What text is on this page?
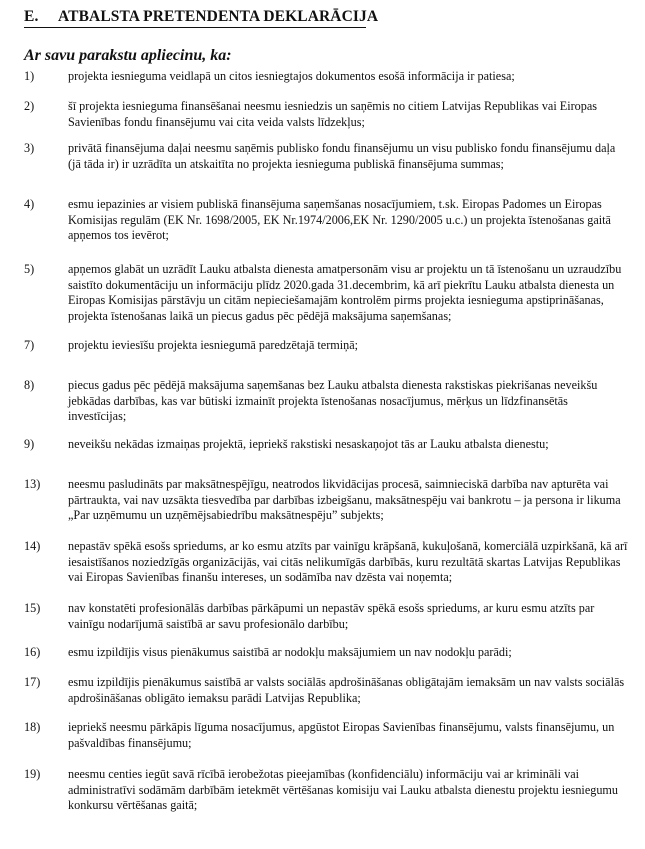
E. ATBALSTA PRETENDENTA DEKLARĀCIJA
Ar savu parakstu apliecinu, ka:
1)	projekta iesnieguma veidlapā un citos iesniegtajos dokumentos esošā informācija ir patiesa;
2)	šī projekta iesnieguma finansēšanai neesmu iesniedzis un saņēmis no citiem Latvijas Republikas vai Eiropas Savienības fondu finansējumu vai cita veida valsts līdzekļus;
3)	privātā finansējuma daļai neesmu saņēmis publisko fondu finansējumu un visu publisko fondu finansējumu daļa (jā tāda ir) ir uzrādīta un atskaitīta no projekta iesnieguma publiskā finansējuma summas;
4)	esmu iepazinies ar visiem publiskā finansējuma saņemšanas nosacījumiem, t.sk. Eiropas Padomes un Eiropas Komisijas regulām (EK Nr. 1698/2005, EK Nr.1974/2006,EK Nr. 1290/2005 u.c.) un projekta īstenošanas gaitā apņemos tos ievērot;
5)	apņemos glabāt un uzrādīt Lauku atbalsta dienesta amatpersonām visu ar projektu un tā īstenošanu un uzraudzību saistīto dokumentāciju un informāciju plīdz 2020.gada 31.decembrim, kā arī piekrītu Lauku atbalsta dienesta un Eiropas Komisijas pārstāvju un citām nepieciešamajām kontrolēm pirms projekta iesnieguma apstiprināšanas, projekta īstenošanas laikā un piecus gadus pēc pēdējā maksājuma saņemšanas;
7)	projektu ieviesīšu projekta iesniegumā paredzētajā termiņā;
8)	piecus gadus pēc pēdējā maksājuma saņemšanas bez Lauku atbalsta dienesta rakstiskas piekrišanas neveikšu jebkādas darbības, kas var būtiski izmainīt projekta īstenošanas nosacījumus, mērķus un līdzfinansētās investīcijas;
9)	neveikšu nekādas izmaiņas projektā, iepriekš rakstiski nesaskaņojot tās ar Lauku atbalsta dienestu;
13) neesmu pasludināts par maksātnespējīgu, neatrodos likvidācijas procesā, saimnieciskā darbība nav apturēta vai pārtraukta, vai nav uzsākta tiesvedība par darbības izbeigšanu, maksātnespēju vai bankrotu – ja persona ir likuma „Par uzņēmumu un uzņēmējsabiedrību maksātnespēju” subjekts;
14) nepastāv spēkā esošs spriedums, ar ko esmu atzīts par vainīgu krāpšanā, kukuļošanā, komerciālā uzpirkšanā, kā arī iesaistīšanos noziedzīgās organizācijās, vai citās nelikumīgās darbībās, kuru rezultātā skartas Latvijas Republikas vai Eiropas Savienības finanšu intereses, un sodāmība nav dzēsta vai noņemta;
15) nav konstatēti profesionālās darbības pārkāpumi un nepastāv spēkā esošs spriedums, ar kuru esmu atzīts par vainīgu nodarījumā saistībā ar savu profesionālo darbību;
16) esmu izpildījis visus pienākumus saistībā ar nodokļu maksājumiem un nav nodokļu parādi;
17) esmu izpildījis pienākumus saistībā ar valsts sociālās apdrošināšanas obligātajām iemaksām un nav valsts sociālās apdrošināšanas obligāto iemaksu parādi Latvijas Republika;
18) iepriekš neesmu pārkāpis līguma nosacījumus, apgūstot Eiropas Savienības finansējumu, valsts finansējumu, un pašvaldības finansējumu;
19) neesmu centies iegūt savā rīcībā ierobežotas pieejamības (konfidenciālu) informāciju vai ar krimināli vai administratīvi sodāmām darbībām ietekmēt vērtēšanas komisiju vai Lauku atbalsta dienestu projektu iesniegumu konkursu vērtēšanas gaitā;
